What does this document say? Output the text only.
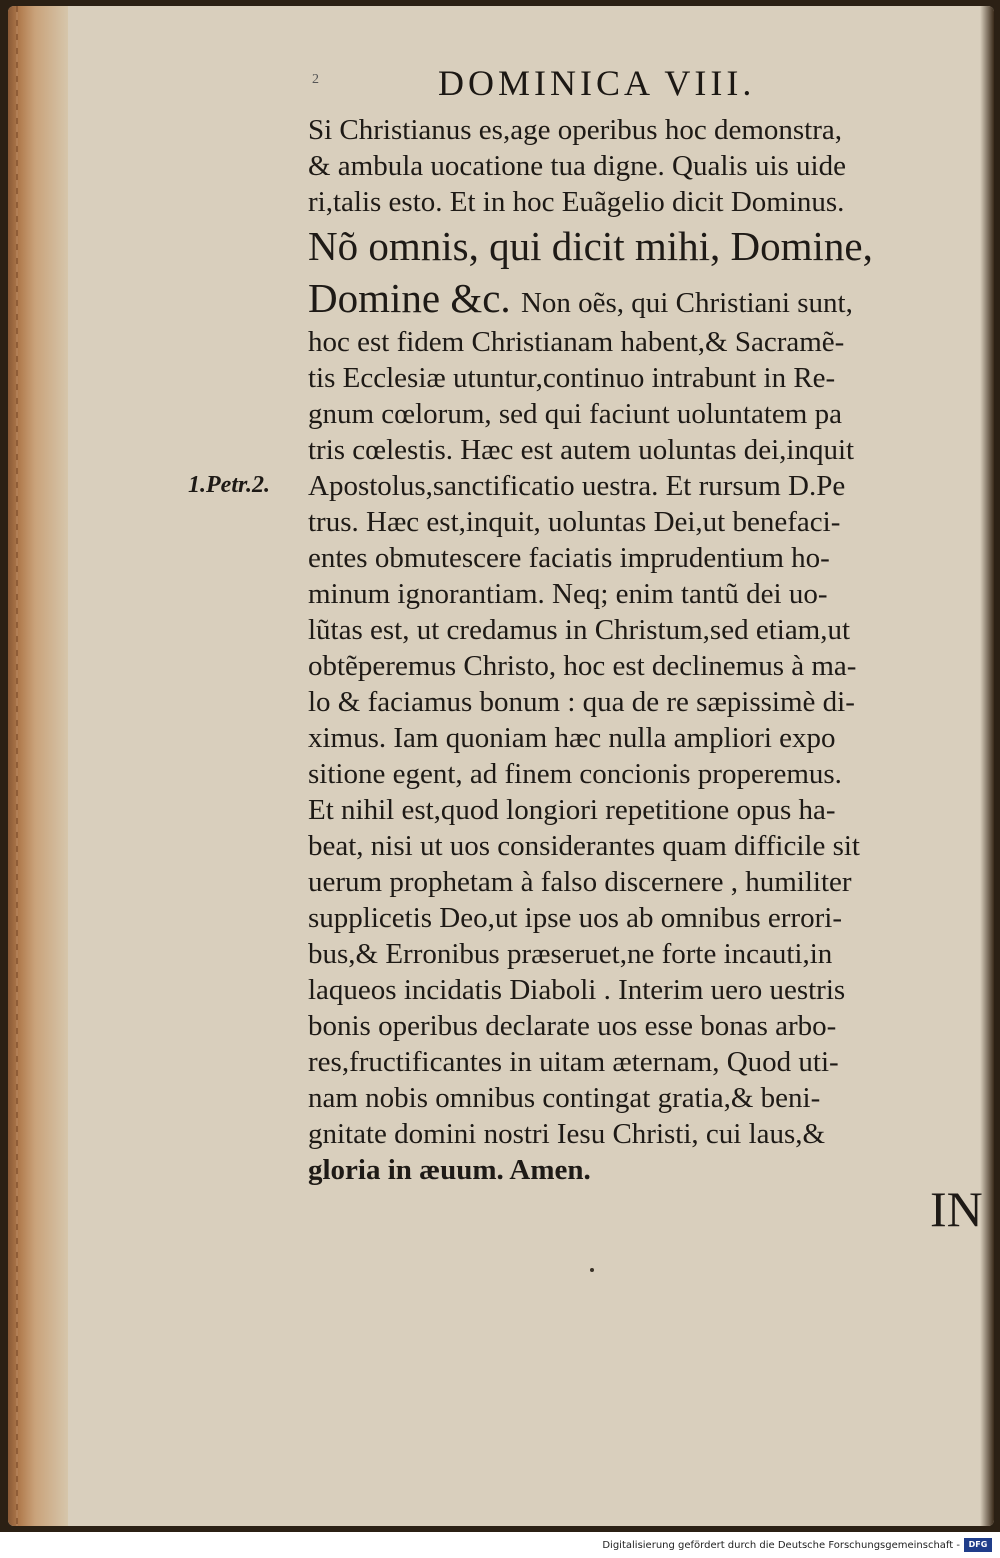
2	DOMINICA VIII.
1.Petr.2.
Si Christianus es,age operibus hoc demonstra,
& ambula uocatione tua digne. Qualis uis uide
ri,talis esto. Et in hoc Euãgelio dicit Dominus.
Nõ omnis, qui dicit mihi, Domine,
Domine &c. Non oẽs, qui Christiani sunt,
hoc est fidem Christianam habent,& Sacramẽ-
tis Ecclesiæ utuntur,continuo intrabunt in Re-
gnum cœlorum, sed qui faciunt uoluntatem pa
tris cœlestis. Hæc est autem uoluntas dei,inquit
Apostolus,sanctificatio uestra. Et rursum D.Pe
trus. Hæc est,inquit, uoluntas Dei,ut benefaci-
entes obmutescere faciatis imprudentium ho-
minum ignorantiam. Neq; enim tantũ dei uo-
lũtas est, ut credamus in Christum,sed etiam,ut
obtẽperemus Christo, hoc est declinemus à ma-
lo & faciamus bonum : qua de re sæpissimè di-
ximus. Iam quoniam hæc nulla ampliori expo
sitione egent, ad finem concionis properemus.
Et nihil est,quod longiori repetitione opus ha-
beat, nisi ut uos considerantes quam difficile sit
uerum prophetam à falso discernere , humiliter
supplicetis Deo,ut ipse uos ab omnibus errori-
bus,& Erronibus præseruet,ne forte incauti,in
laqueos incidatis Diaboli . Interim uero uestris
bonis operibus declarate uos esse bonas arbo-
res,fructificantes in uitam æternam, Quod uti-
nam nobis omnibus contingat gratia,& beni-
gnitate domini nostri Iesu Christi, cui laus,&
gloria in æuum. Amen.
IN
Digitalisierung gefördert durch die Deutsche Forschungsgemeinschaft -	DFG
